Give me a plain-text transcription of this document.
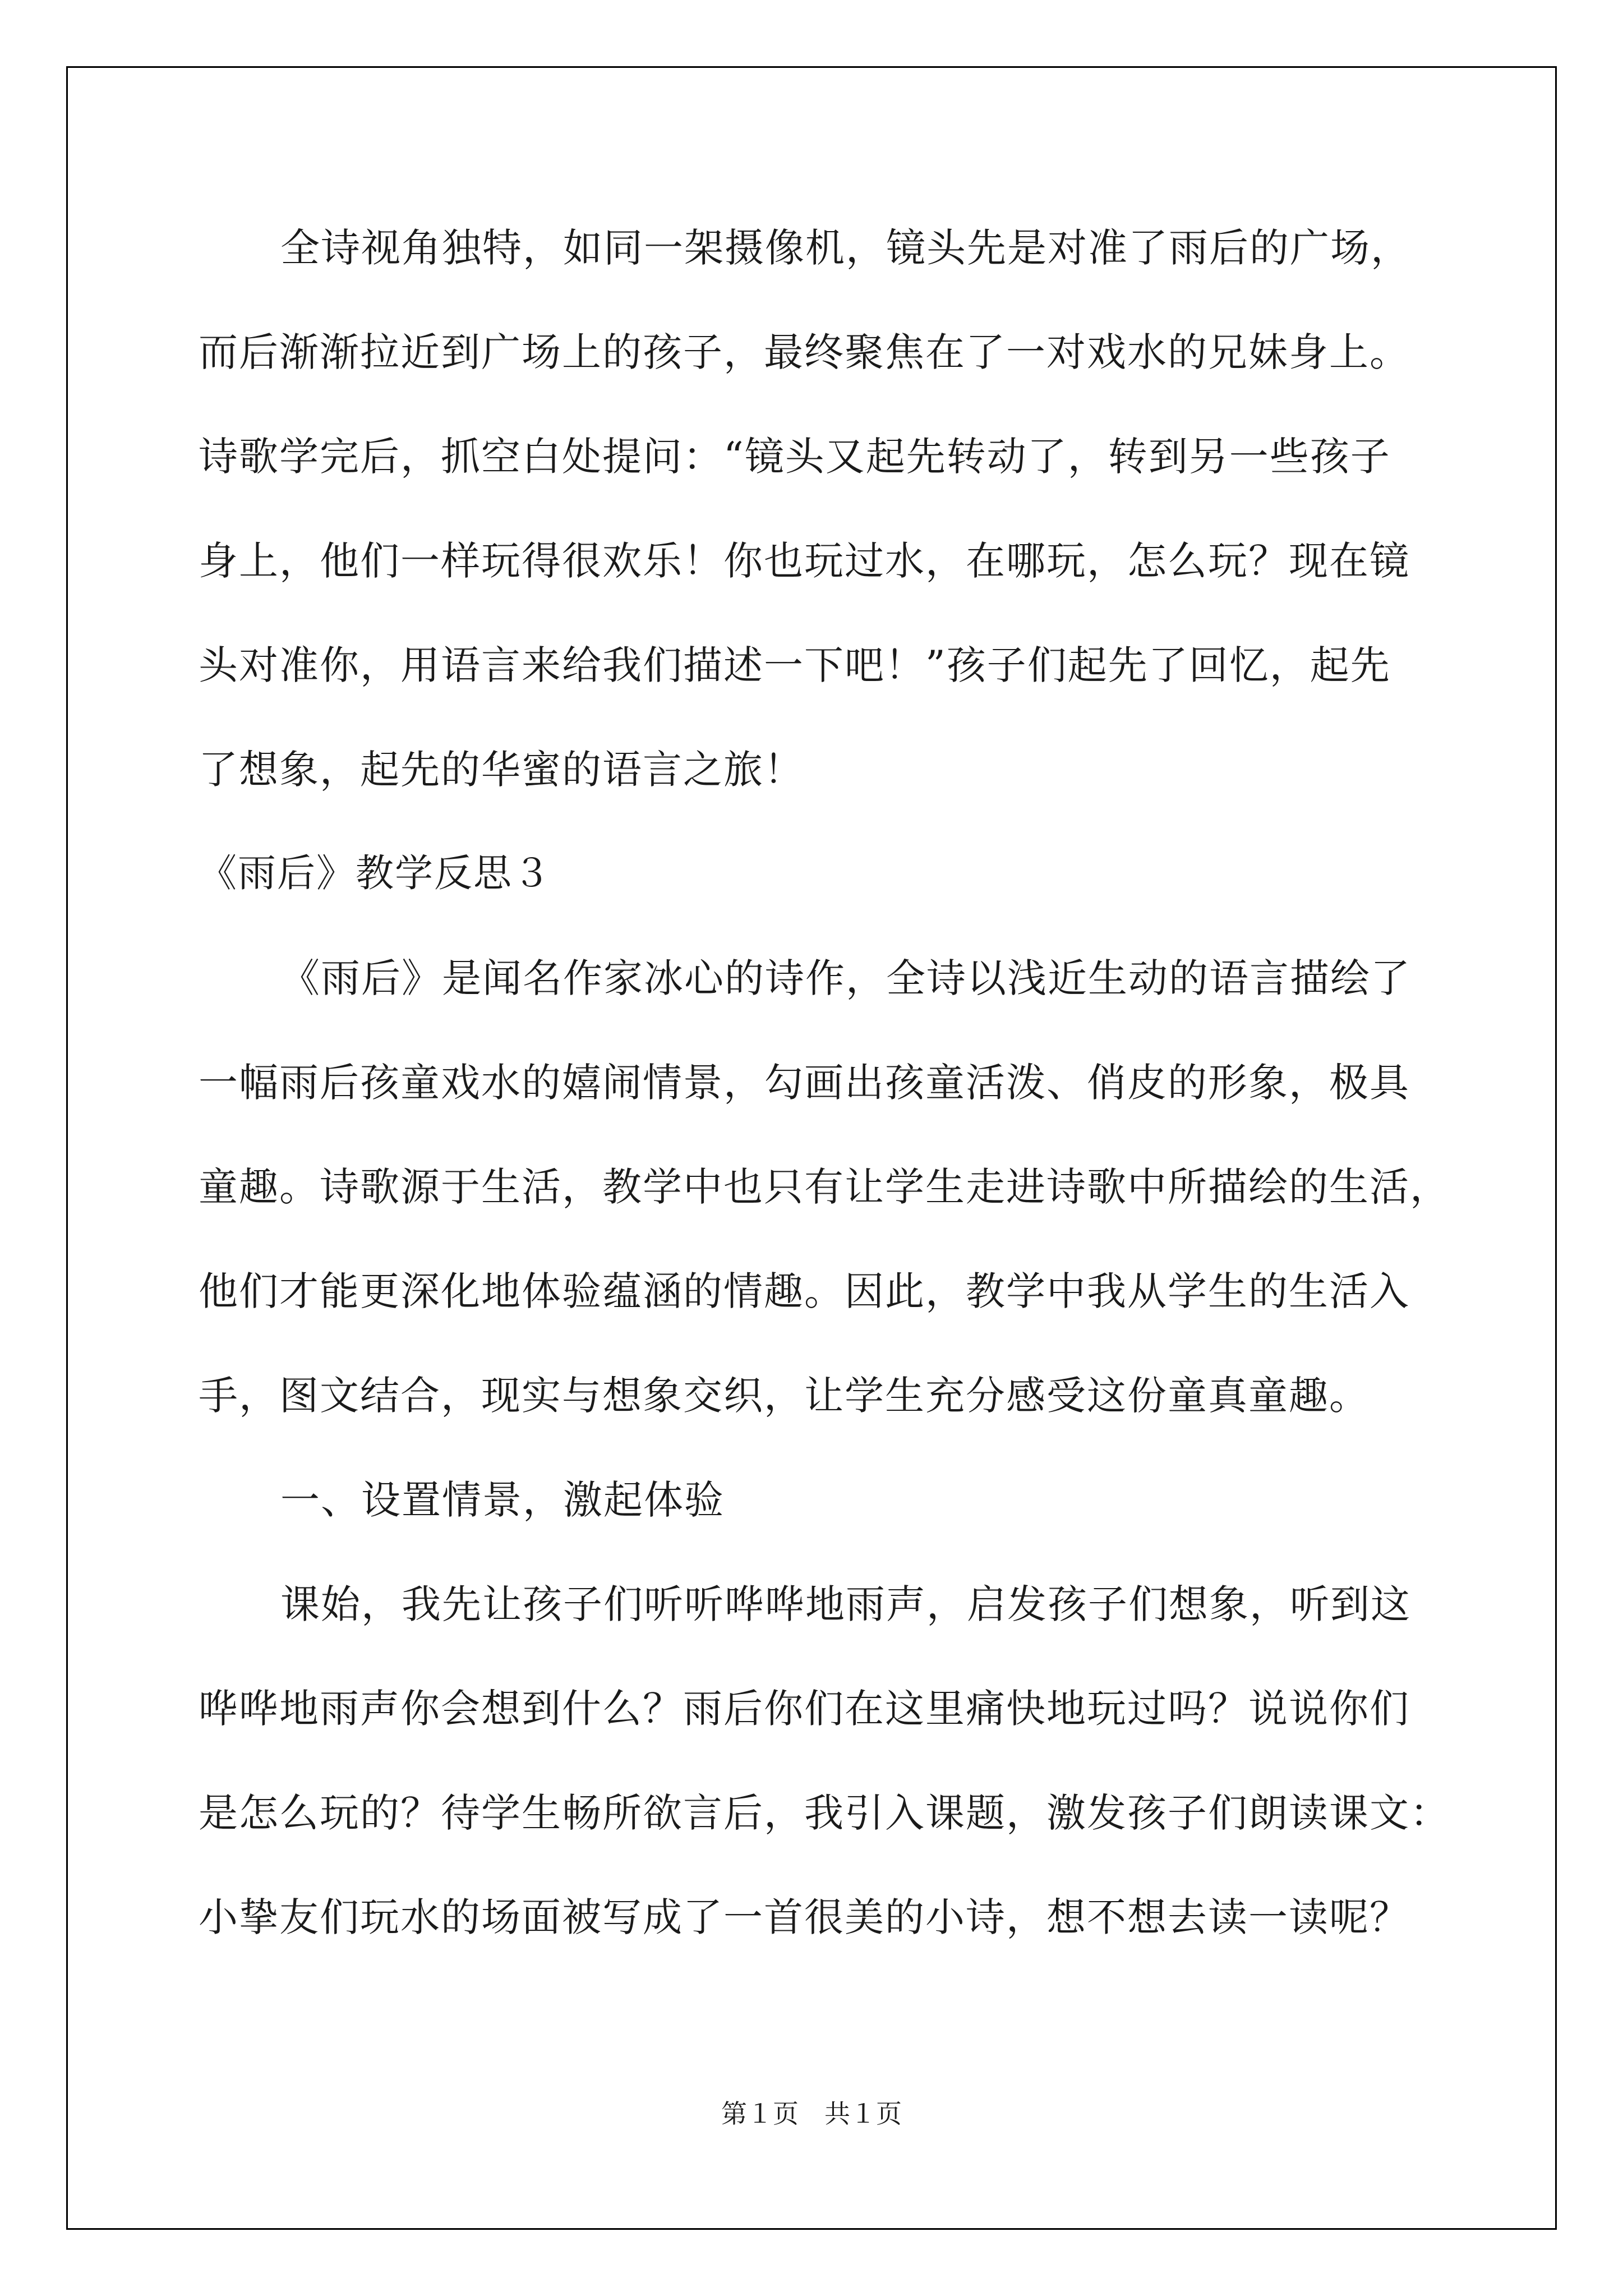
全诗视角独特，如同一架摄像机，镜头先是对准了雨后的广场，

而后渐渐拉近到广场上的孩子，最终聚焦在了一对戏水的兄妹身上。

诗歌学完后，抓空白处提问：“镜头又起先转动了，转到另一些孩子

身上，他们一样玩得很欢乐！你也玩过水，在哪玩，怎么玩？现在镜

头对准你，用语言来给我们描述一下吧！”孩子们起先了回忆，起先

了想象，起先的华蜜的语言之旅！

《雨后》教学反思３

《雨后》是闻名作家冰心的诗作，全诗以浅近生动的语言描绘了

一幅雨后孩童戏水的嬉闹情景，勾画出孩童活泼、俏皮的形象，极具

童趣。诗歌源于生活，教学中也只有让学生走进诗歌中所描绘的生活，

他们才能更深化地体验蕴涵的情趣。因此，教学中我从学生的生活入

手，图文结合，现实与想象交织，让学生充分感受这份童真童趣。

一、设置情景，激起体验

课始，我先让孩子们听听哗哗地雨声，启发孩子们想象，听到这

哗哗地雨声你会想到什么？雨后你们在这里痛快地玩过吗？说说你们

是怎么玩的？待学生畅所欲言后，我引入课题，激发孩子们朗读课文：

小挚友们玩水的场面被写成了一首很美的小诗，想不想去读一读呢？

第１页　共１页
